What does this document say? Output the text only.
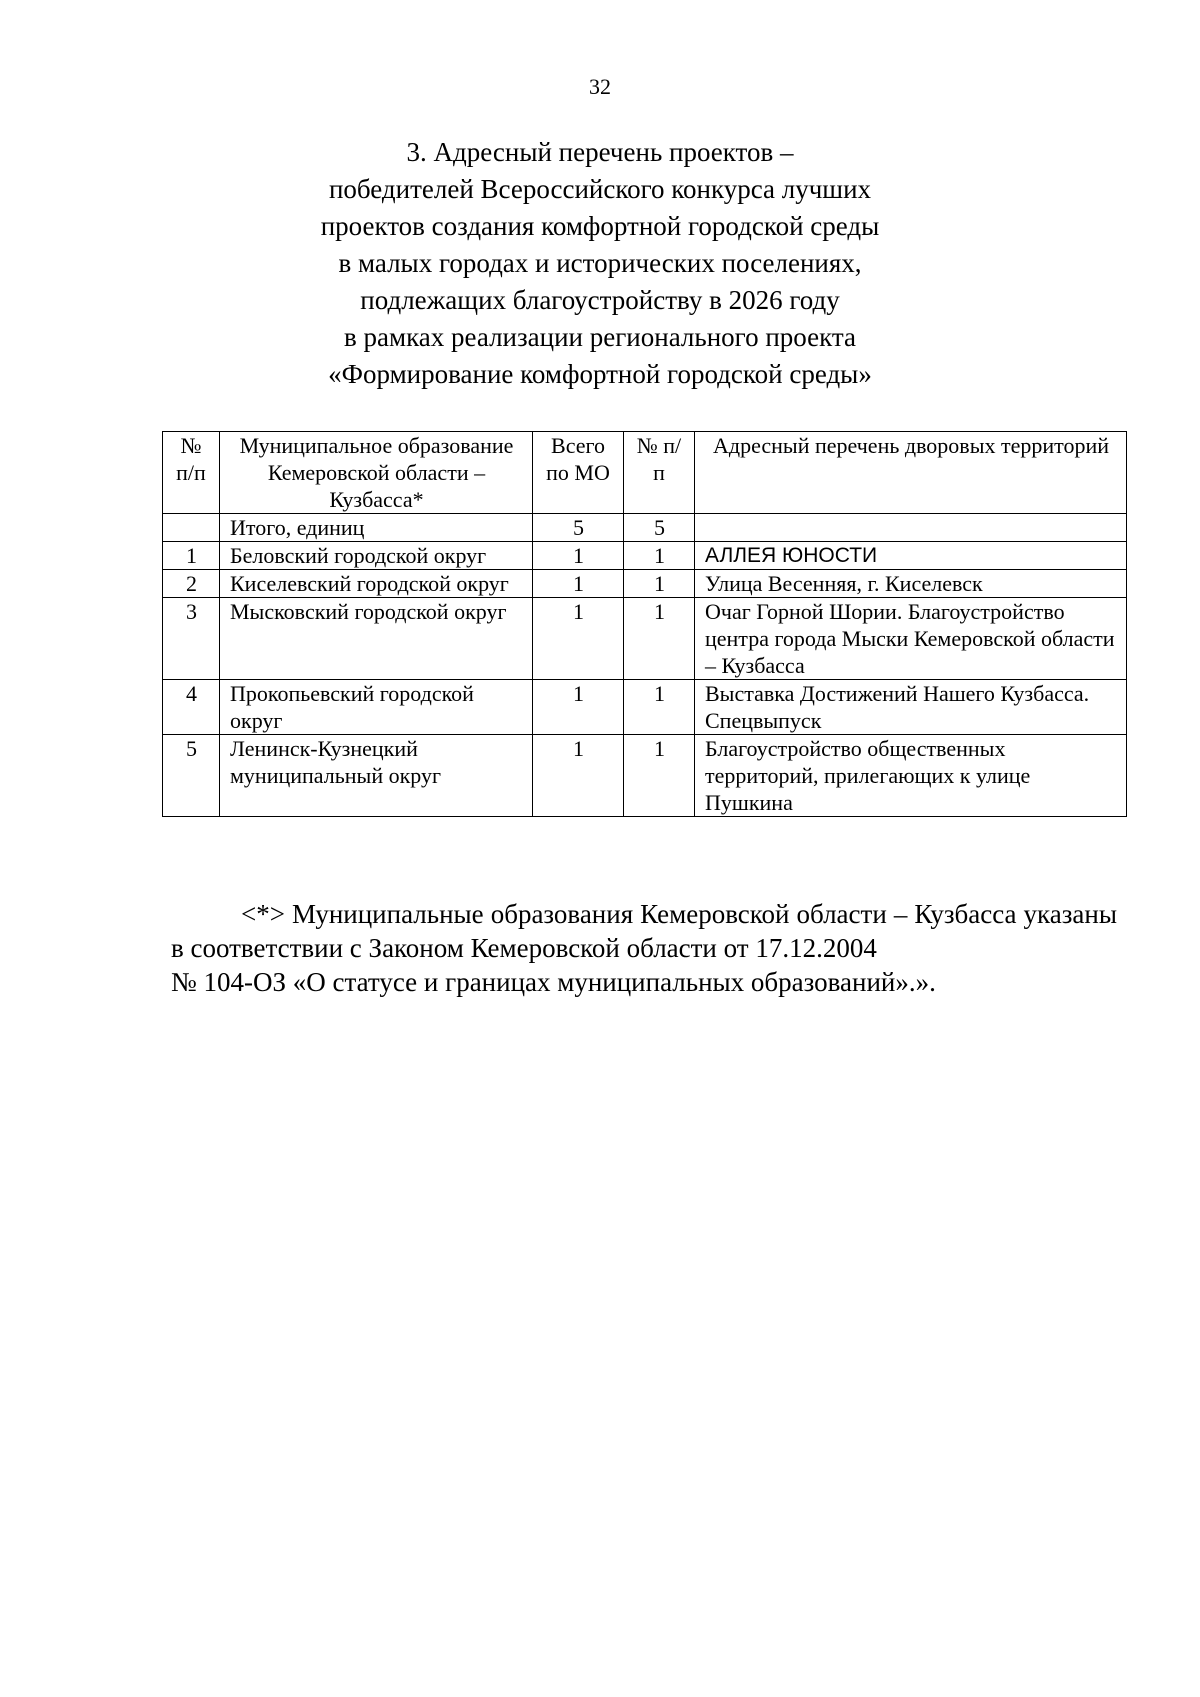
32
3. Адресный перечень проектов –
победителей Всероссийского конкурса лучших
проектов создания комфортной городской среды
в малых городах и исторических поселениях,
подлежащих благоустройству в 2026 году
в рамках реализации регионального проекта
«Формирование комфортной городской среды»
№ п/п	Муниципальное образование Кемеровской области – Кузбасса*	Всего по МО	№ п/п	Адресный перечень дворовых территорий
	Итого, единиц	5	5	
1	Беловский городской округ	1	1	АЛЛЕЯ ЮНОСТИ
2	Киселевский городской округ	1	1	Улица Весенняя, г. Киселевск
3	Мысковский городской округ	1	1	Очаг Горной Шории. Благоустройство центра города Мыски Кемеровской области – Кузбасса
4	Прокопьевский городской округ	1	1	Выставка Достижений Нашего Кузбасса. Спецвыпуск
5	Ленинск-Кузнецкий муниципальный округ	1	1	Благоустройство общественных территорий, прилегающих к улице Пушкина

<*> Муниципальные образования Кемеровской области – Кузбасса указаны в соответствии с Законом Кемеровской области от 17.12.2004

№ 104-ОЗ «О статусе и границах муниципальных образований».».
